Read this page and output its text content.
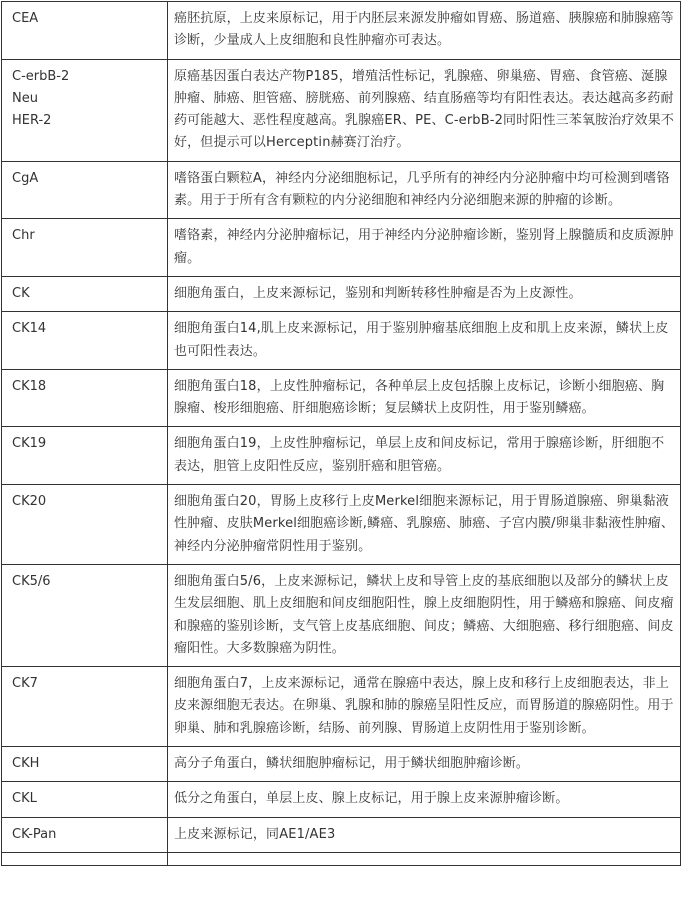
CEA	癌胚抗原，上皮来原标记，用于内胚层来源发肿瘤如胃癌、肠道癌、胰腺癌和肺腺癌等诊断，少量成人上皮细胞和良性肿瘤亦可表达。
C-erbB-2
Neu
HER-2	原癌基因蛋白表达产物P185，增殖活性标记，乳腺癌、卵巢癌、胃癌、食管癌、涎腺肿瘤、肺癌、胆管癌、膀胱癌、前列腺癌、结直肠癌等均有阳性表达。表达越高多药耐药可能越大、恶性程度越高。乳腺癌ER、PE、C-erbB-2同时阳性三苯氧胺治疗效果不好，但提示可以Herceptin赫赛汀治疗。
CgA	嗜铬蛋白颗粒A，神经内分泌细胞标记，几乎所有的神经内分泌肿瘤中均可检测到嗜铬素。用于于所有含有颗粒的内分泌细胞和神经内分泌细胞来源的肿瘤的诊断。
Chr	嗜铬素，神经内分泌肿瘤标记，用于神经内分泌肿瘤诊断，鉴别肾上腺髓质和皮质源肿瘤。
CK	细胞角蛋白，上皮来源标记，鉴别和判断转移性肿瘤是否为上皮源性。
CK14	细胞角蛋白14,肌上皮来源标记，用于鉴别肿瘤基底细胞上皮和肌上皮来源，鳞状上皮也可阳性表达。
CK18	细胞角蛋白18，上皮性肿瘤标记，各种单层上皮包括腺上皮标记，诊断小细胞癌、胸腺瘤、梭形细胞癌、肝细胞癌诊断；复层鳞状上皮阴性，用于鉴别鳞癌。
CK19	细胞角蛋白19，上皮性肿瘤标记，单层上皮和间皮标记，常用于腺癌诊断，肝细胞不表达，胆管上皮阳性反应，鉴别肝癌和胆管癌。
CK20	细胞角蛋白20，胃肠上皮移行上皮Merkel细胞来源标记，用于胃肠道腺癌、卵巢黏液性肿瘤、皮肤Merkel细胞癌诊断,鳞癌、乳腺癌、肺癌、子宫内膜/卵巢非黏液性肿瘤、神经内分泌肿瘤常阴性用于鉴别。
CK5/6	细胞角蛋白5/6，上皮来源标记，鳞状上皮和导管上皮的基底细胞以及部分的鳞状上皮生发层细胞、肌上皮细胞和间皮细胞阳性，腺上皮细胞阴性，用于鳞癌和腺癌、间皮瘤和腺癌的鉴别诊断，支气管上皮基底细胞、间皮；鳞癌、大细胞癌、移行细胞癌、间皮瘤阳性。大多数腺癌为阴性。
CK7	细胞角蛋白7，上皮来源标记，通常在腺癌中表达，腺上皮和移行上皮细胞表达，非上皮来源细胞无表达。在卵巢、乳腺和肺的腺癌呈阳性反应，而胃肠道的腺癌阴性。用于卵巢、肺和乳腺癌诊断，结肠、前列腺、胃肠道上皮阴性用于鉴别诊断。
CKH	高分子角蛋白，鳞状细胞肿瘤标记，用于鳞状细胞肿瘤诊断。
CKL	低分之角蛋白，单层上皮、腺上皮标记，用于腺上皮来源肿瘤诊断。
CK-Pan	上皮来源标记，同AE1/AE3
